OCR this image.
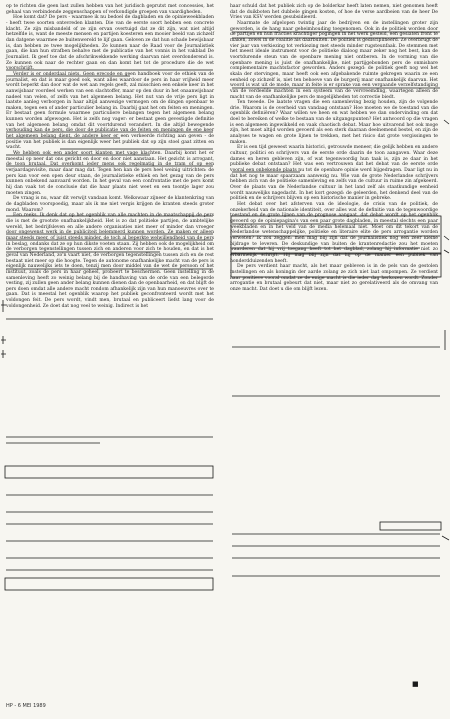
op te richten die geen last zullen hebben van het juridisch geprutst met concessies, het gehaal van verbindende zeggenschappen of verkondigde groepen van vaardigheden.

Hoe komt dat? De pers - waarmee ik nu bedoel de dagbladen en de opinieweekbladen - heeft twee soorten ontevreden klanten. Die van de eerste soort hebben een concrete klacht. Ze zijn misbandeld of ze zijn ervan overtuigd dat ze dit zijn, wat niet altijd hetzelfde is, want de meeste mensen en partijen koesteren een mooier beeld van zichzelf dan datgene waarmee ze buitenwereld te lijf gaan. Geloven ze dat hun schade bewijsbaar is, dan hebben ze twee mogelijkheden. Ze kunnen naar de Raad voor de Journalistiek gaan, die kan hun strafben behalve met de publicatie van het vonnis in het vakblad De Journalist. Ik geef toe dat de afschrikwekkende werking daarvan niet overdonderend is. Ze kunnen ook naar de rechter gaan en dan komt het tot de procedure die de wet voorschrijft.

Verder is er onderdaal niets. Geen erecode en geen handboek voor de ethiek van de journalist, en dat is maar goed ook, want alles waardoor de pers in haar vrijheid meer wordt beperkt dan door wat de wet aan regels geeft, zal misschien een enkele keer in het aanwijsbaar voordeel werken van een slachtoffer, maar op den duur in het onaanwijsbaar nadeel van velen, of zelfs van het algemeen belang. Het nut van de vrije pers ligt in laatste aanleg verborgen in haar altijd aanwezige vermogen om de dingen openbaar te maken, tegen een of ander particulier belang in. Daarbij gaat het om feiten en meningen. Er bestaat geen formule waarmee particuliere belangen tegen het algemeen belang kunnen worden afgewogen. Het is zelfs nog vager: er bestaat geen gevestigde definitie van het algemeen belang omdat dit voortdurend verandert. In die altijd bewegende verhouding kan de pers, die door de publicatie van de feiten en meningen de ene keer het algemeen belang dient, de andere keer er een verkeerde richting aan geven - de positie van het publiek is dan eigenlijk weer het publiek dat op zijn stoel gaat zitten en wacht.

We hebben ook een ander soort klanten met vage klachten. Daarbij komt het er meestal op neer dat ons gericht en door en door niet aanstaan. Het gezicht is arrogant, de toon brutaal. Dat overkomt ieder mens ook regelmatig in de tram of op een verjaardagsvisite, maar daar mag dat. Tegen hen kan de pers heel weinig uitrichten: de pers kan voor een open deur staan, de journalistieke ethiek en het gezag van de pers kunnen onbekend aanvaard worden. In het geval van een confrontatie met de pers komt hij dan vaak tot de conclusie dat die haar plaats niet weet en een toontje lager zou moeten zingen.

De vraag is nu, waar dit verwijt vandaan komt. Welkswaar zijneer de klantenkring van de dagbladen voorspoedig, maar als ik me niet vergis krijgen de kranten steeds groter mond. Waarom?

Een reeks. Ik denk dat op het ogenblik van alle machten in de maatschappij de pers die is met de grootste onafhankelijkheid. Het is zo dat politieke partijen, de ambtelijke wereld, het bedrijfsleven en alle andere organisaties niet meer of minder dan vroeger door ongewenst werk in de publiciteit belemmerd kunnen worden. Ze maken er alleen maar steeds meer, of juist steeds minder, de toch al beperkte welwillendheid van de pers in beslag, ondanks dat ze op hun dikste voeten staan. Zij hebben ook de mogelijkheid om de verborgen tegenstellingen tussen zich en anderen voor zich te houden, en dat is het geval van Nederland, zo'n vaart niet, de verborgen tegenstellingen tussen zich en de rest bestaat niet meer op die hoogte. Tegen de autonome onafhankelijke macht van de pers is eigenlijk nauwelijks iets te doen, tenzij men door middel van de wet de persoon of het instituut, zoals de pers in haar geheel, probeert te beschermen. Geen instelling in de samenleving heeft zo weinig belang bij de handhaving van de orde van een belegerde vesting, zij zullen geen ander belang kunnen dienen dan de openbaarheid, en dat blijft de pers doen omdat alle andere macht rondom afhankelijk zijn van hun manoeuvres over te gaan. Dat is meestal het ogenblik waarop het publiek geconfronteerd wordt met het voldongen feit. De pers wordt, vindt men, brutaal en publiceert liefst lang voor de voldongenheid. Ze doet dat nog veel te weinig. Indirect is het

haar schuld dat het publiek zich op de bolderkar heeft laten nemen, niet genomen heeft dat de duikboten het dubbele gingen kosten, of hoe de verse aardbeien van de heer De Vries van KSV werden gesubsidieerd.

Naarmate de afgelopen twintig jaar de bedrijven en de instellingen groter zijn geworden, is de hang naar geheimhouding toegenomen. Ook in de politiek worden door de partijen en hun fracties krachtiger pogingen in het werk gesteld, een geslaten front te maken, zowel in de coalitie als daarbuiten. De politiek is gedisciplineerd. Ze overbrugt de vier jaar van verkiezing tot verkiezing met steeds minder rugsteunfaak. De stemmen met het meest ideale instrument voor de politieke dialoog maar zeker nog het best, kan de voortdurende steun van de openbare mening niet ontberen. In de vorming van die openbare mening is juist de onafhankelijke, niet partijgebonden pers de onmisbare complementaire machtsfactor geworden. Anders gezegd: de politiek geeft nog wel het skala der stervingen, maar heeft ook een afgebakende ruimte gekregen waarin ze een eenheid op zichzelf is, niet ten behoeve van de burgerij maar onafhankelijk daarvan. Het woord is wat uit de mode, maar in feite is er sprake van een vergaande verzelfstandiging van de verdeelde machten in een systeem van de vervreemding, waartegen alleen de macht van de onafhankelijke pers de mogelijkheden tot correctie biedt.

Ten tweede. De laatste vragen die een samenleving bezig houden, zijn de volgende drie. Waarom is de overheid van vandaag ontstaan? Hoe moeten we de toestand van die ogenblik definiëren? Waar willen we heen en wat hebben we dan ondervinding om dat doel te bereiken of welke te bestaan van de uitgangspunten? Het antwoord op die vragen is een algemeen ingewikkeld en vaak chaotisch debat. Maar hoe uitvarend het ook moge zijn, het moet altijd worden gevoerd als een sterk daaraan deelnemend bestel, en zijn de analyses te wagen en grote lijnen te trekken, met het risico dat grote vergissingen te maken.

Er is een tijd geweest waarin historici, getrouwde meneer, die gelijk hebben en andere cultuur, politici en schrijvers van de eerste orde daarin de toon aangaven. Waar deze dames en heren gebleven zijn, of wat tegenwoordig hun taak is, zijn ze daar in het publieke debat ontstaan? Het was een vertrouwen dat het debat van de eerste orde vooral een onbekende plaats nu tot de openbare opinie werd bijgedragen. Daar ligt nu in dat het nog te maar spaarzaam aanwezig nu. Wie van de grote Nederlandse schrijvers hebben zich van de politieke samenleving en zelfs van de cultuur in ruime zin afgekeerd. Over de plaats van de Nederlandse cultuur in het land zelf als staatkundige eenheid wordt nauwelijks nagedacht. In het kort gezegd: de geleerden, het denkend deel van de politiek en de schrijvers blijven op een historische manier in gebreke.

Het debat over het afsterven van de ideologie, de crisis van de politiek, de onzekerheid van de nationale identiteit, over alles wat de definitie van de tegenwoordige toestand en de grote lijnen van de prognose aangaat, dat debat wordt op het ogenblik gevoerd op de opiniepagina's van een paar grote dagbladen, in meestal slechts een paar weekbladen en in het veld van de media helemaal niet. Moet om dit tekort van de Nederlandse wetenschappelijke, politieke en literaire elite de pers arrogantie worden verweten? Ik zou zeggen: men mag blij zijn dat de journalistiek nog een zeer kleine bijdrage te leveren. De deskundige van buiten de krantenredactie zou het moeten waarderen dat hij vrij toegang heeft tot het dagblad, zolang hij informatie niet zo erbarmelijk schrijft. Hij mag blij zijn dat hij op de manier een publiek van honderdduizenden heeft.

De pers verdient haar macht, als het maar gebleven is in de pels van de gestolen instellingen en als koningin der aarde zolang ze zich niet laat ompompen. Ze verdient haar positieve vooral omdat ze de enige macht is die ieder dag herkozen wordt. Zonder arrogantie en brutaal gebeurt dat niet, maar niet zo gerelativeerd als de omvang van onze macht. Dat doet u die om blijft lezen.

■
HP - 6 MEI 1989
